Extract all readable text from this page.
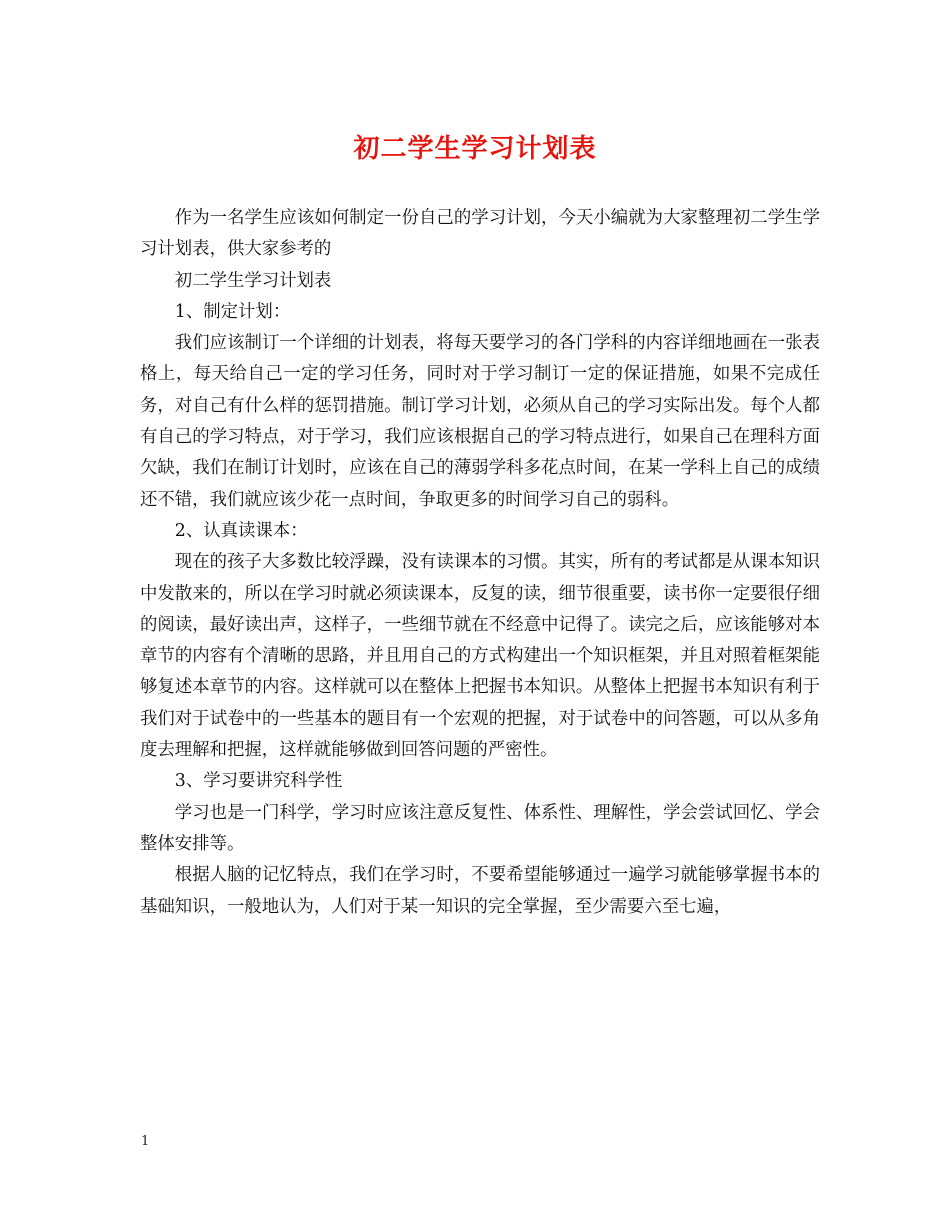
初二学生学习计划表

作为一名学生应该如何制定一份自己的学习计划，今天小编就为大家整理初二学生学习计划表，供大家参考的

初二学生学习计划表

1、制定计划：

我们应该制订一个详细的计划表，将每天要学习的各门学科的内容详细地画在一张表格上，每天给自己一定的学习任务，同时对于学习制订一定的保证措施，如果不完成任务，对自己有什么样的惩罚措施。制订学习计划，必须从自己的学习实际出发。每个人都有自己的学习特点，对于学习，我们应该根据自己的学习特点进行，如果自己在理科方面欠缺，我们在制订计划时，应该在自己的薄弱学科多花点时间，在某一学科上自己的成绩还不错，我们就应该少花一点时间，争取更多的时间学习自己的弱科。

2、认真读课本：

现在的孩子大多数比较浮躁，没有读课本的习惯。其实，所有的考试都是从课本知识中发散来的，所以在学习时就必须读课本，反复的读，细节很重要，读书你一定要很仔细的阅读，最好读出声，这样子，一些细节就在不经意中记得了。读完之后，应该能够对本章节的内容有个清晰的思路，并且用自己的方式构建出一个知识框架，并且对照着框架能够复述本章节的内容。这样就可以在整体上把握书本知识。从整体上把握书本知识有利于我们对于试卷中的一些基本的题目有一个宏观的把握，对于试卷中的问答题，可以从多角度去理解和把握，这样就能够做到回答问题的严密性。

3、学习要讲究科学性

学习也是一门科学，学习时应该注意反复性、体系性、理解性，学会尝试回忆、学会整体安排等。

根据人脑的记忆特点，我们在学习时，不要希望能够通过一遍学习就能够掌握书本的基础知识，一般地认为，人们对于某一知识的完全掌握，至少需要六至七遍，

1
